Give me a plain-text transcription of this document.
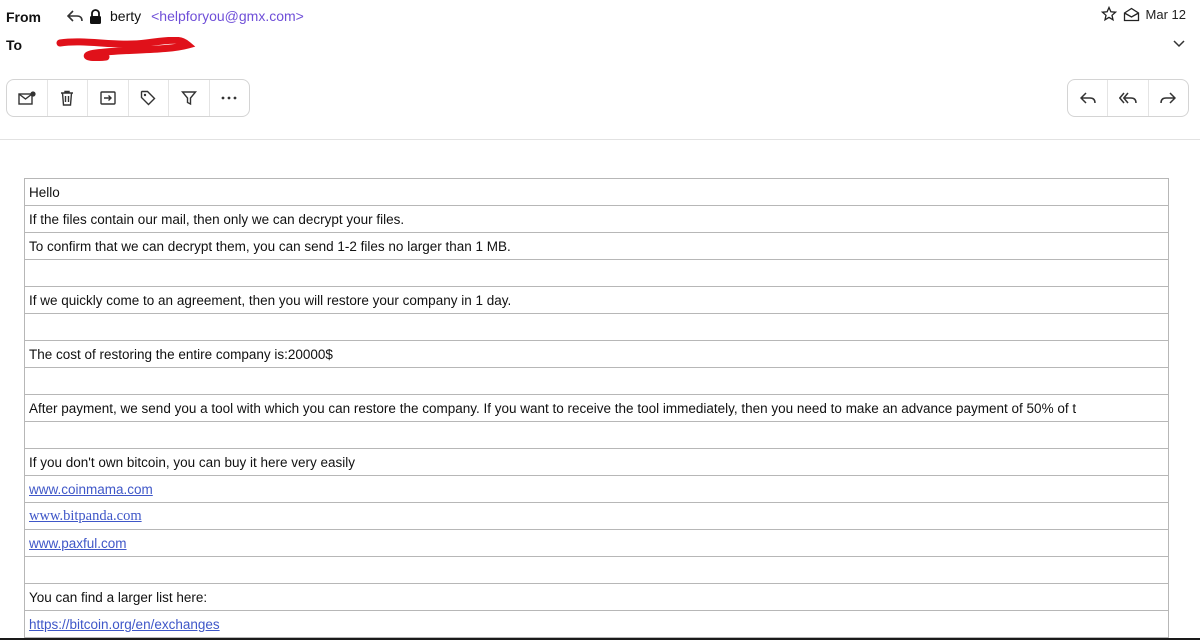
From	berty <helpforyou@gmx.com>
To
Mar 12
Hello
If the files contain our mail, then only we can decrypt your files.
To confirm that we can decrypt them, you can send 1-2 files no larger than 1 MB.

If we quickly come to an agreement, then you will restore your company in 1 day.

The cost of restoring the entire company is:20000$

After payment, we send you a tool with which you can restore the company. If you want to receive the tool immediately, then you need to make an advance payment of 50% of t

If you don't own bitcoin, you can buy it here very easily
www.coinmama.com
www.bitpanda.com
www.paxful.com

You can find a larger list here:
https://bitcoin.org/en/exchanges
